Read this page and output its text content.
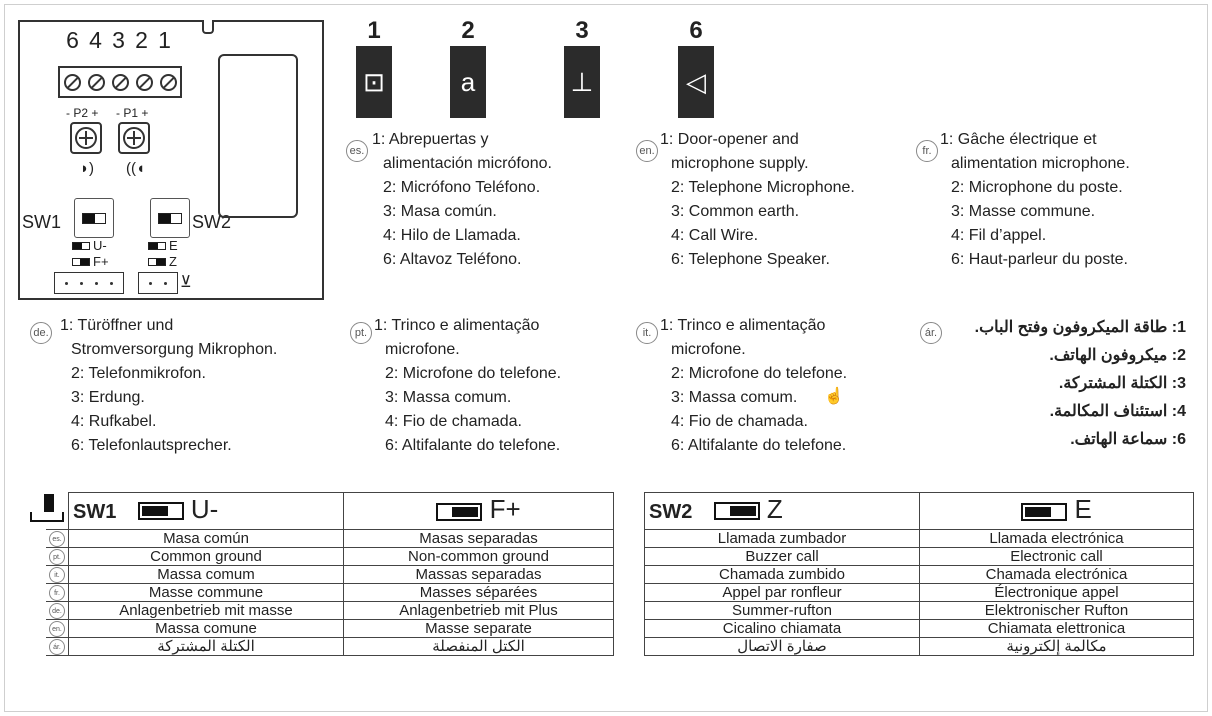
6 4 3 2 1
- P2 + - P1 +
◗) ((◖
SW1	SW2
U-
F+
E
Z
⊻
1
⊡
2
a
3
⊥
6
◁
es.
1: Abrepuertas y
alimentación micrófono.
2: Micrófono Teléfono.
3: Masa común.
4: Hilo de Llamada.
6: Altavoz Teléfono.
en.
1: Door-opener and
microphone supply.
2: Telephone Microphone.
3: Common earth.
4: Call Wire.
6: Telephone Speaker.
fr.
1: Gâche électrique et
alimentation microphone.
2: Microphone du poste.
3: Masse commune.
4: Fil d’appel.
6: Haut-parleur du poste.
de. 1: Türöffner und
Stromversorgung Mikrophon.
2: Telefonmikrofon.
3: Erdung.
4: Rufkabel.
6: Telefonlautsprecher.
pt. 1: Trinco e alimentação
microfone.
2: Microfone do telefone.
3: Massa comum.
4: Fio de chamada.
6: Altifalante do telefone.
it. 1: Trinco e alimentação
microfone.
2: Microfone do telefone.
3: Massa comum.
4: Fio de chamada.
6: Altifalante do telefone.
ár.	1: طاقة الميكروفون وفتح الباب.
2: ميكروفون الهاتف.
3: الكتلة المشتركة.
4: استئناف المكالمة.
6: سماعة الهاتف.
☝
	SW1 U-	F+
es.	Masa común	Masas separadas
pt.	Common ground	Non-common ground
it.	Massa comum	Massas separadas
fr.	Masse commune	Masses séparées
de.	Anlagenbetrieb mit masse	Anlagenbetrieb mit Plus
en.	Massa comune	Masse separate
ár.	الكتلة المشتركة	الكتل المنفصلة
SW2 Z	E
Llamada zumbador	Llamada electrónica
Buzzer call	Electronic call
Chamada zumbido	Chamada electrónica
Appel par ronfleur	Électronique appel
Summer-rufton	Elektronischer Rufton
Cicalino chiamata	Chiamata elettronica
صفارة الاتصال	مكالمة إلكترونية
